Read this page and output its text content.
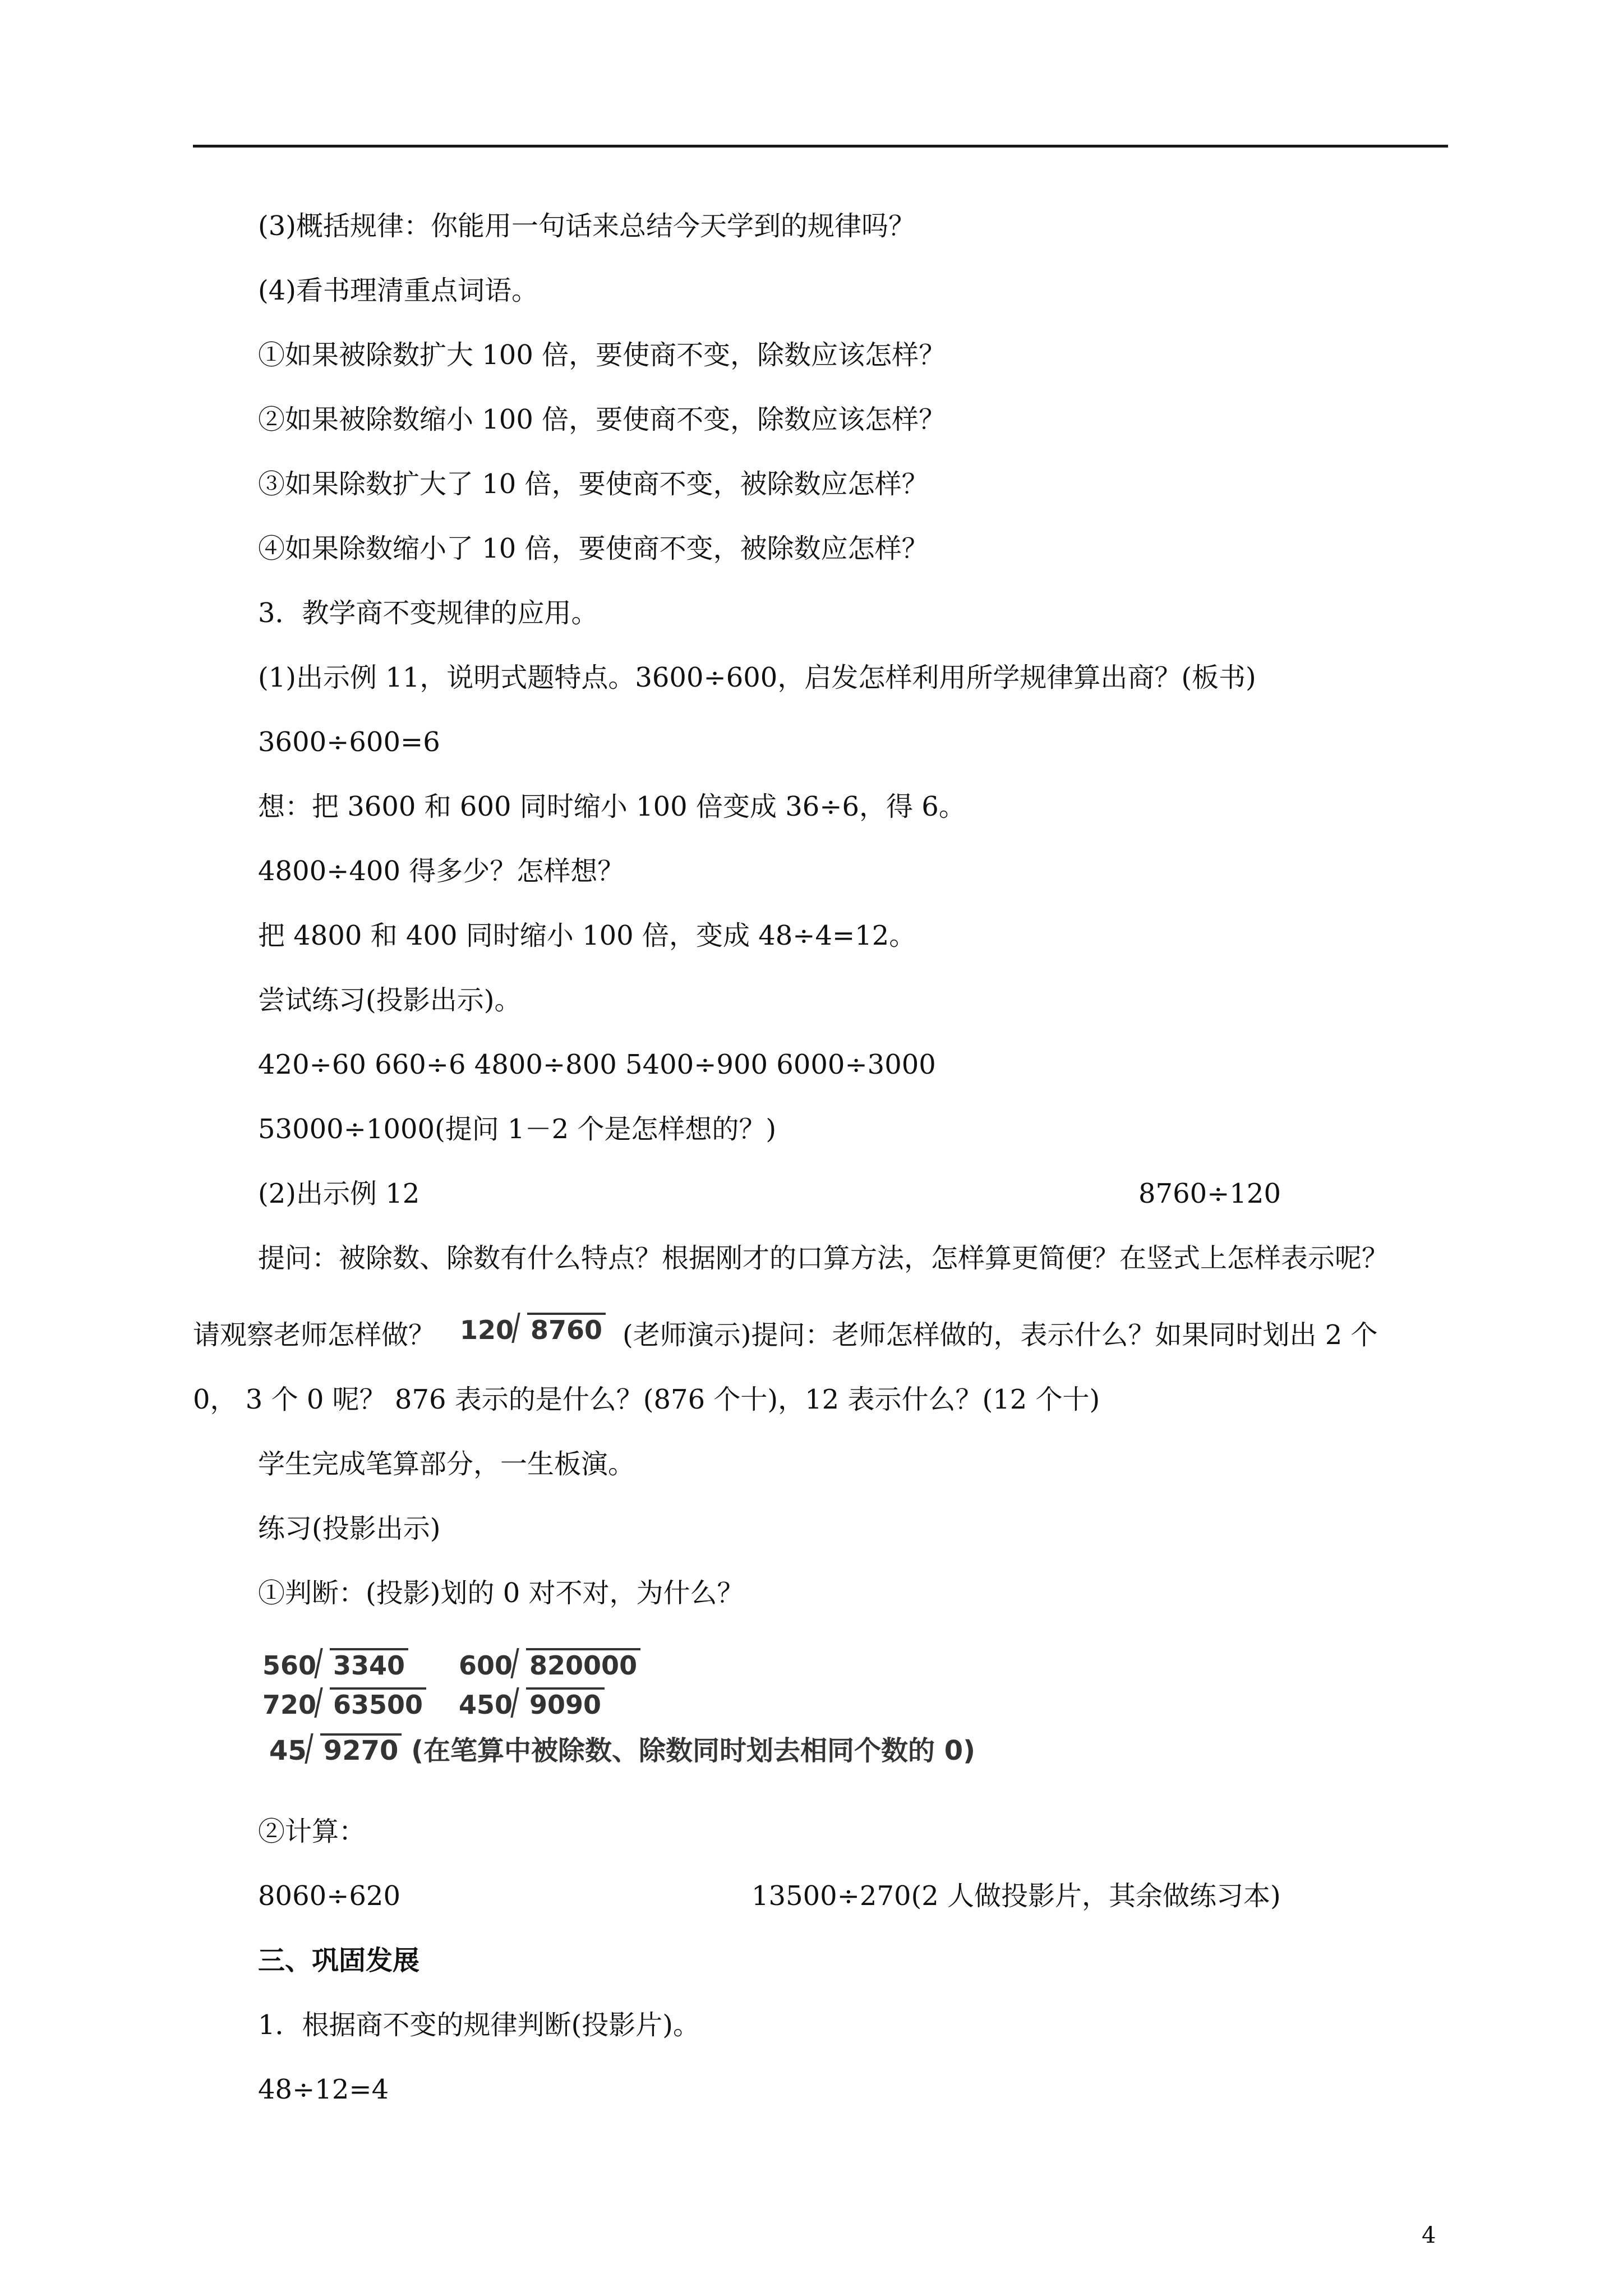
(3)概括规律：你能用一句话来总结今天学到的规律吗？
(4)看书理清重点词语。
①如果被除数扩大 100 倍，要使商不变，除数应该怎样？
②如果被除数缩小 100 倍，要使商不变，除数应该怎样？
③如果除数扩大了 10 倍，要使商不变，被除数应怎样？
④如果除数缩小了 10 倍，要使商不变，被除数应怎样？
3．教学商不变规律的应用。
(1)出示例 11，说明式题特点。3600÷600，启发怎样利用所学规律算出商？(板书)
3600÷600=6
想：把 3600 和 600 同时缩小 100 倍变成 36÷6，得 6。
4800÷400 得多少？怎样想？
把 4800 和 400 同时缩小 100 倍，变成 48÷4=12。
尝试练习(投影出示)。
420÷60 660÷6 4800÷800 5400÷900 6000÷3000
53000÷1000(提问 1－2 个是怎样想的？)
(2)出示例 12	8760÷120
提问：被除数、除数有什么特点？根据刚才的口算方法，怎样算更简便？在竖式上怎样表示呢？
请观察老师怎样做？ 120 8760 (老师演示)提问：老师怎样做的，表示什么？如果同时划出 2 个
0， 3 个 0 呢？ 876 表示的是什么？(876 个十)，12 表示什么？(12 个十)
学生完成笔算部分，一生板演。
练习(投影出示)
①判断：(投影)划的 0 对不对，为什么？
560 3340 600 820000
720 63500 450 9090
45 9270 (在笔算中被除数、除数同时划去相同个数的 0)
②计算：
8060÷620	13500÷270(2 人做投影片，其余做练习本)
三、巩固发展
1．根据商不变的规律判断(投影片)。
48÷12=4
4
